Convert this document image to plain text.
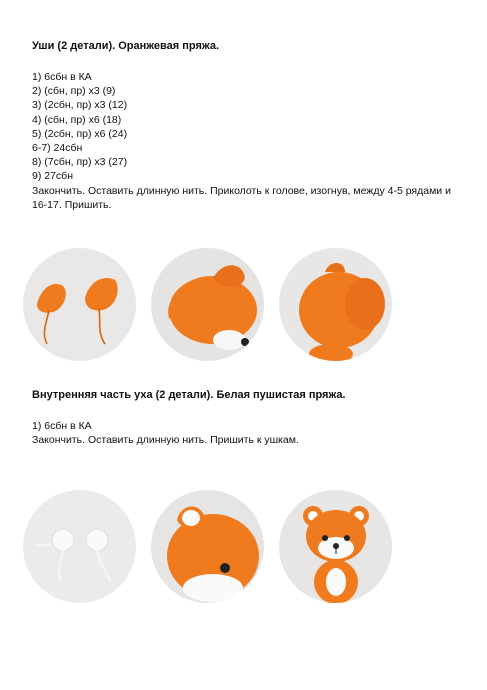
Уши (2 детали). Оранжевая пряжа.
1) 6сбн в КА
2) (сбн, пр) х3 (9)
3) (2сбн, пр) х3 (12)
4) (сбн, пр) х6 (18)
5) (2сбн, пр) х6 (24)
6-7) 24сбн
8) (7сбн, пр) х3 (27)
9) 27сбн
Закончить. Оставить длинную нить. Приколоть к голове, изогнув, между 4-5 рядами и 16-17. Пришить.
Внутренняя часть уха (2 детали). Белая пушистая пряжа.
1) 6сбн в КА
Закончить. Оставить длинную нить. Пришить к ушкам.
